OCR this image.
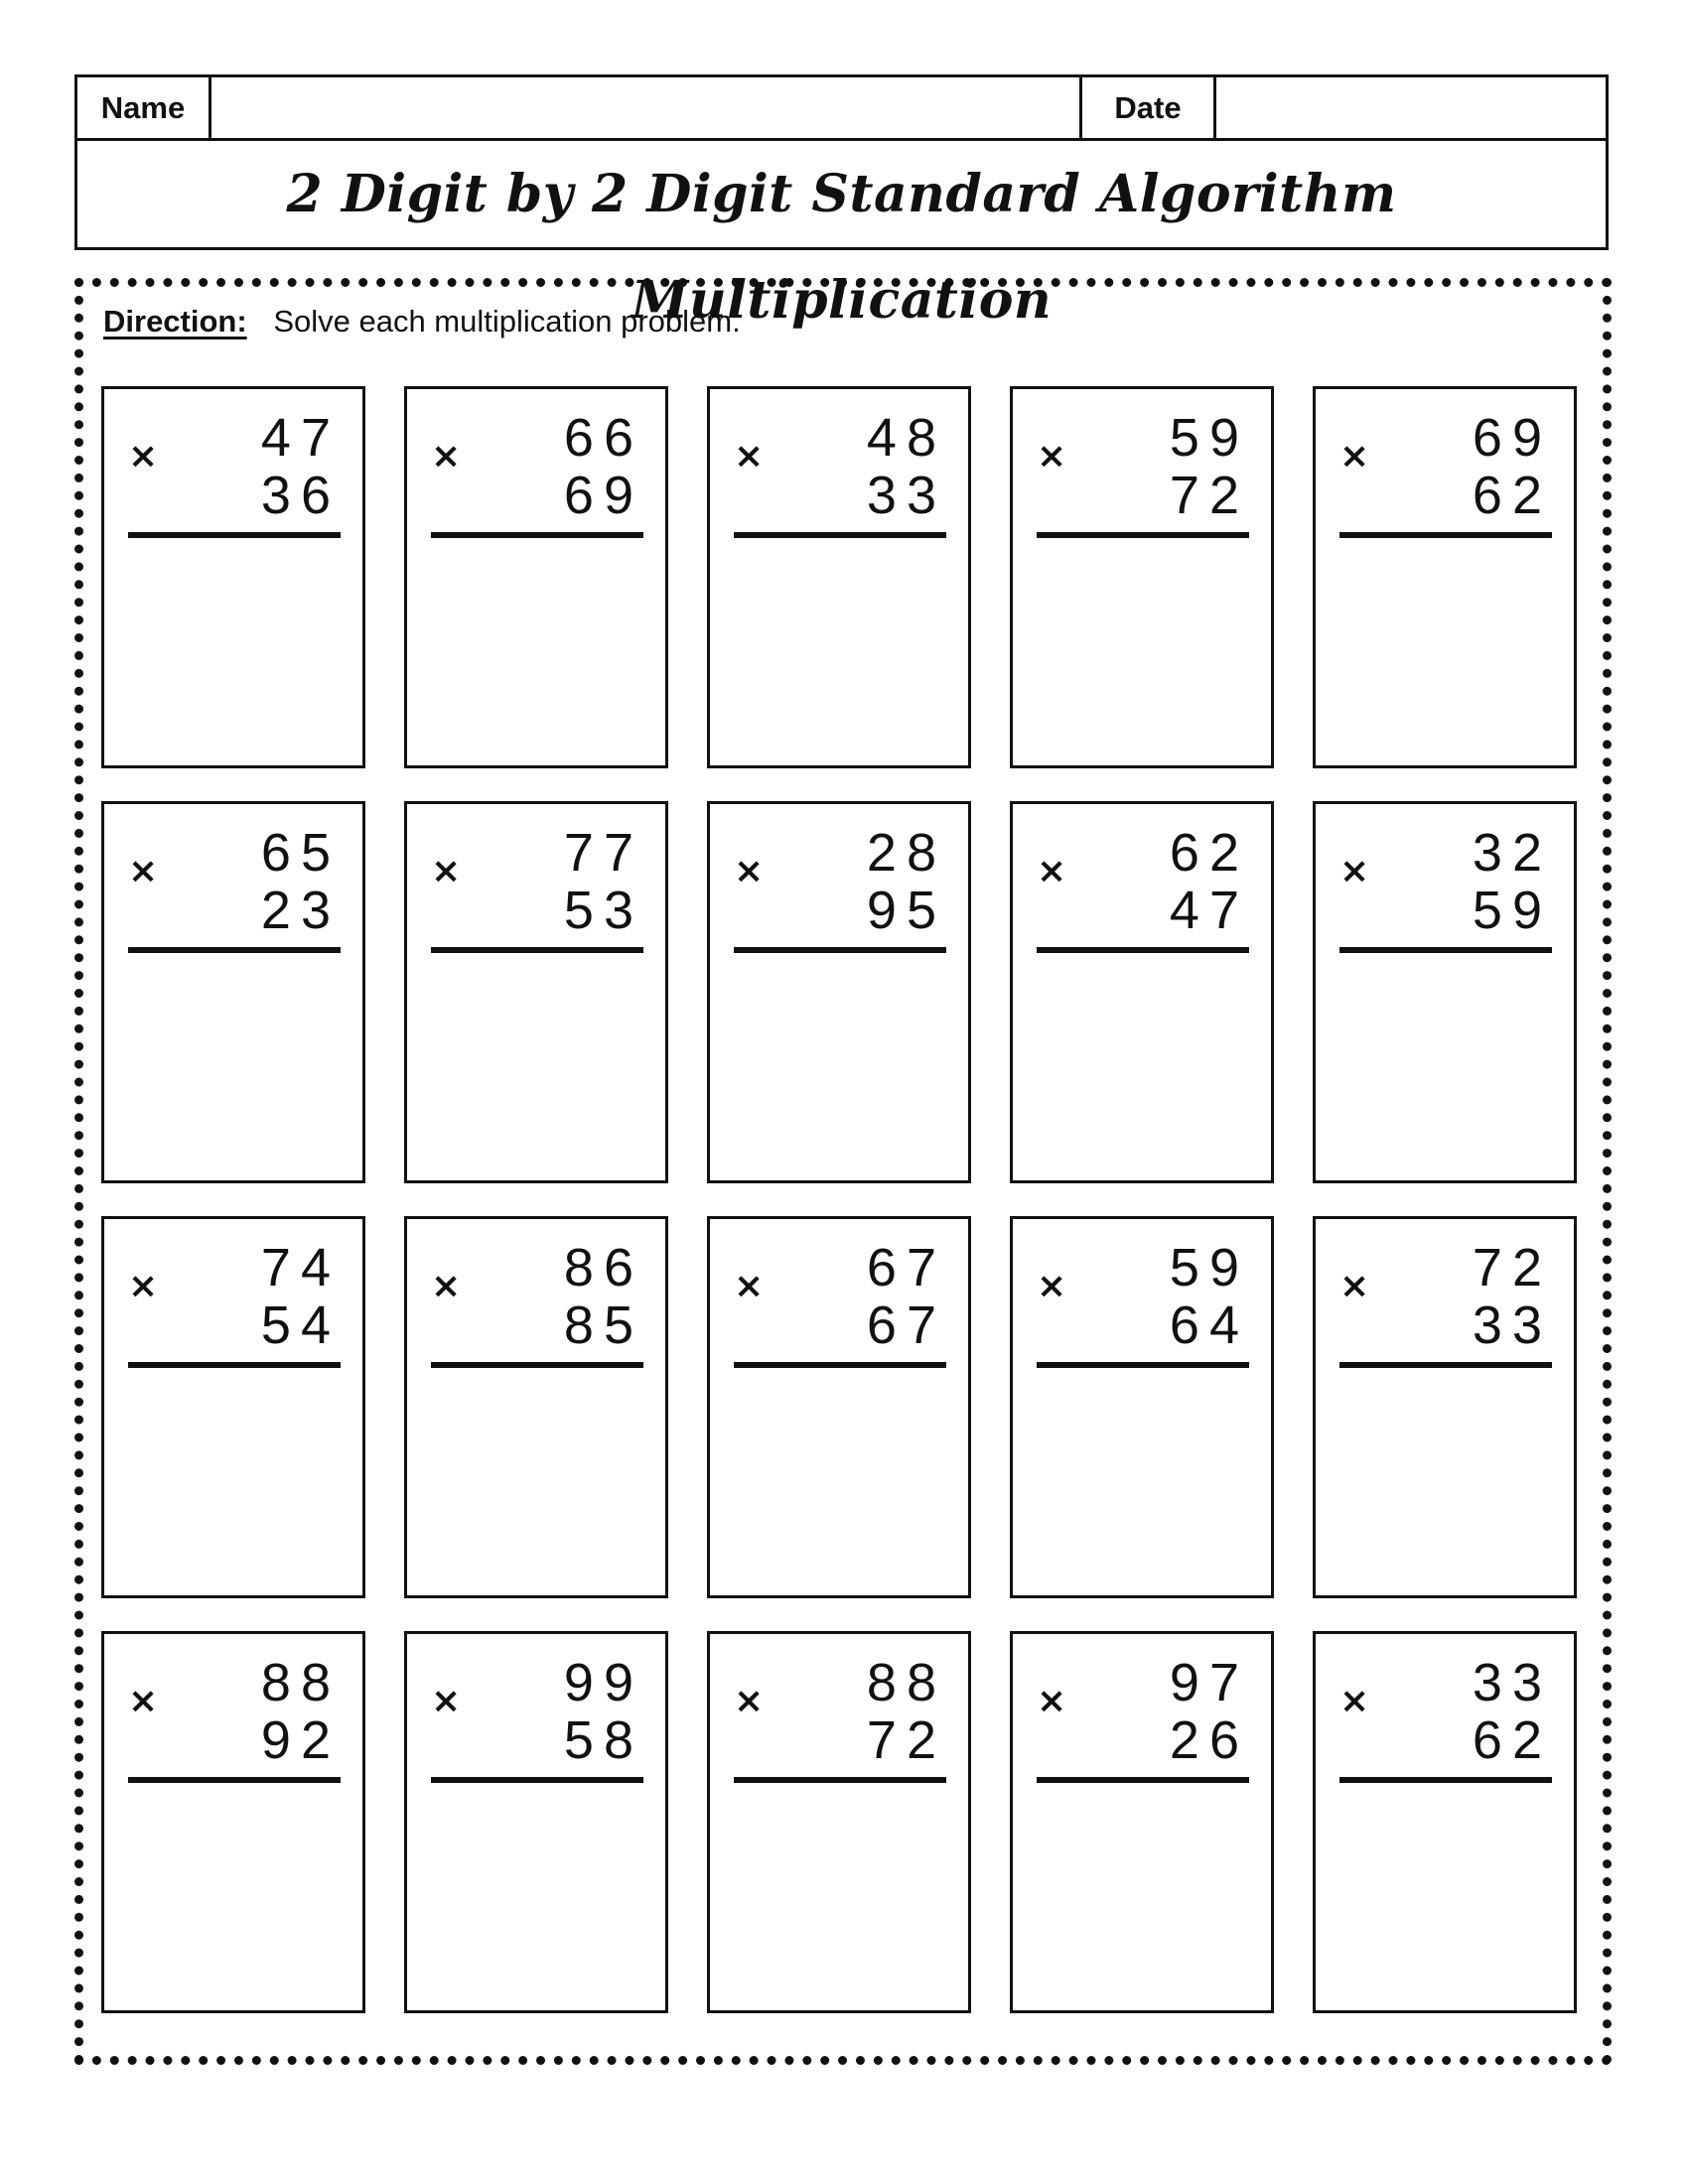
Name	Date
2 Digit by 2 Digit Standard Algorithm Multiplication
Direction: Solve each multiplication problem.
× 47
36
× 66
69
× 48
33
× 59
72
× 69
62
× 65
23
× 77
53
× 28
95
× 62
47
× 32
59
× 74
54
× 86
85
× 67
67
× 59
64
× 72
33
× 88
92
× 99
58
× 88
72
× 97
26
× 33
62
